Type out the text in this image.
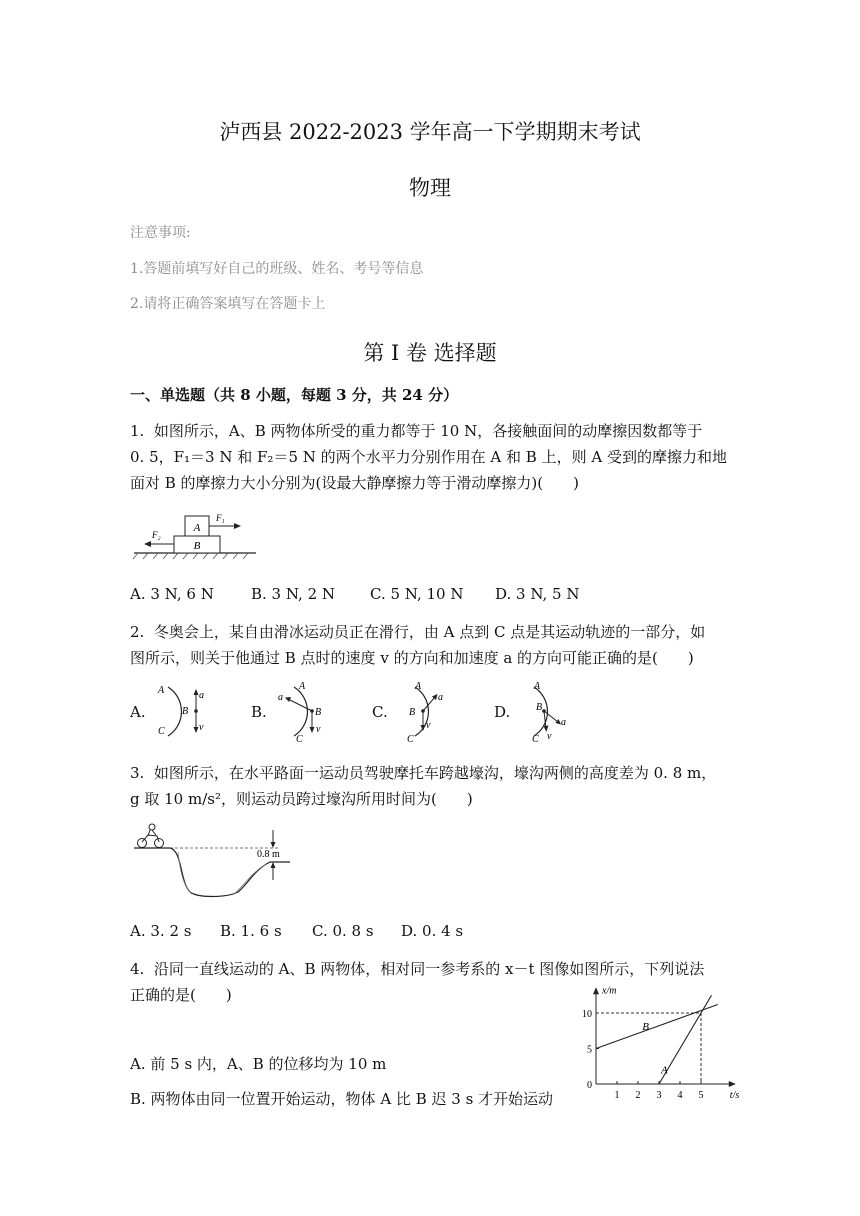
泸西县 2022-2023 学年高一下学期期末考试
物理
注意事项:
1.答题前填写好自己的班级、姓名、考号等信息
2.请将正确答案填写在答题卡上
第 I 卷 选择题
一、单选题（共 8 小题，每题 3 分，共 24 分）
1. 如图所示，A、B 两物体所受的重力都等于 10 N，各接触面间的动摩擦因数都等于
0. 5，F₁＝3 N 和 F₂＝5 N 的两个水平力分别作用在 A 和 B 上，则 A 受到的摩擦力和地
面对 B 的摩擦力大小分别为(设最大静摩擦力等于滑动摩擦力)(　　)
A
B
F₁
F₂
A. 3 N, 6 N B. 3 N, 2 N C. 5 N, 10 N D. 3 N, 5 N
2. 冬奥会上，某自由滑冰运动员正在滑行，由 A 点到 C 点是其运动轨迹的一部分，如
图所示，则关于他通过 B 点时的速度 v 的方向和加速度 a 的方向可能正确的是(　　)
A.
A
B
C
a
v
B.
A
B
C
a
v
C.
A
B
C
a
v
D.
A
B
C
a
v
3. 如图所示，在水平路面一运动员驾驶摩托车跨越壕沟，壕沟两侧的高度差为 0. 8 m，
g 取 10 m/s²，则运动员跨过壕沟所用时间为(　　)
0.8 m
A. 3. 2 s B. 1. 6 s C. 0. 8 s D. 0. 4 s
4. 沿同一直线运动的 A、B 两物体，相对同一参考系的 x－t 图像如图所示，下列说法
正确的是(　　)
A. 前 5 s 内，A、B 的位移均为 10 m
B. 两物体由同一位置开始运动，物体 A 比 B 迟 3 s 才开始运动
x/m
t/s
1 2 3 4 5
0
5
10
B
A
